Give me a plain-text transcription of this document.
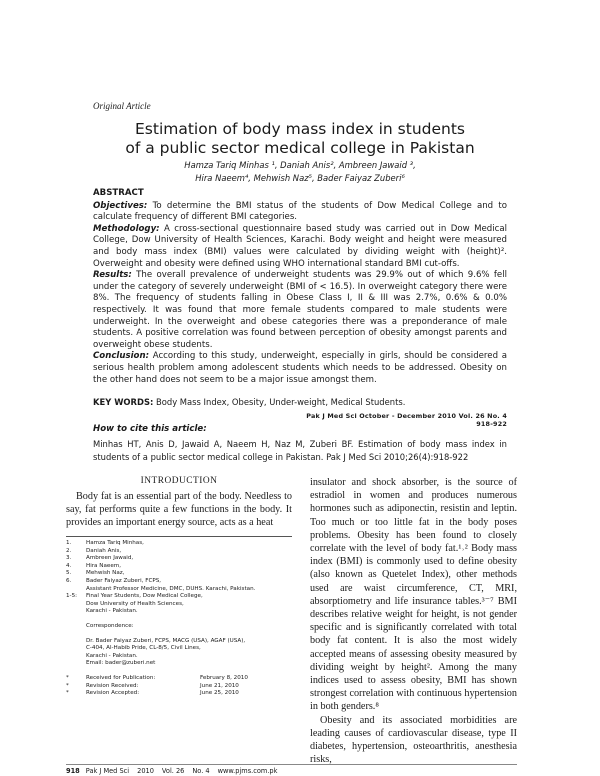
Original Article
Estimation of body mass index in students
of a public sector medical college in Pakistan
Hamza Tariq Minhas ¹, Daniah Anis², Ambreen Jawaid ³,
Hira Naeem⁴, Mehwish Naz⁵, Bader Faiyaz Zuberi⁶
ABSTRACT

Objectives: To determine the BMI status of the students of Dow Medical College and to calculate frequency of different BMI categories.

Methodology: A cross-sectional questionnaire based study was carried out in Dow Medical College, Dow University of Health Sciences, Karachi. Body weight and height were measured and body mass index (BMI) values were calculated by dividing weight with (height)². Overweight and obesity were defined using WHO international standard BMI cut-offs.

Results: The overall prevalence of underweight students was 29.9% out of which 9.6% fell under the category of severely underweight (BMI of < 16.5). In overweight category there were 8%. The frequency of students falling in Obese Class I, II & III was 2.7%, 0.6% & 0.0% respectively. It was found that more female students compared to male students were underweight. In the overweight and obese categories there was a preponderance of male students. A positive correlation was found between perception of obesity amongst parents and overweight obese students.

Conclusion: According to this study, underweight, especially in girls, should be considered a serious health problem among adolescent students which needs to be addressed. Obesity on the other hand does not seem to be a major issue amongst them.

KEY WORDS: Body Mass Index, Obesity, Under-weight, Medical Students.
Pak J Med Sci October - December 2010 Vol. 26 No. 4 918-922
How to cite this article:
Minhas HT, Anis D, Jawaid A, Naeem H, Naz M, Zuberi BF. Estimation of body mass index in students of a public sector medical college in Pakistan. Pak J Med Sci 2010;26(4):918-922
INTRODUCTION

Body fat is an essential part of the body. Needless to say, fat performs quite a few functions in the body. It provides an important energy source, acts as a heat

1.	Hamza Tariq Minhas,
2.	Daniah Anis,
3.	Ambreen Jawaid,
4.	Hira Naeem,
5.	Mehwish Naz,
6.	Bader Faiyaz Zuberi, FCPS,
Assistant Professor Medicine, DMC, DUHS. Karachi, Pakistan.
1-5:	Final Year Students, Dow Medical College,
Dow University of Health Sciences,
Karachi - Pakistan.
Correspondence:
Dr. Bader Faiyaz Zuberi, FCPS, MACG (USA), AGAF (USA),
C-404, Al-Habib Pride, CL-8/5, Civil Lines,
Karachi - Pakistan.
Email: bader@zuberi.net
*	Received for Publication:	February 8, 2010
*	Revision Received:	June 21, 2010
*	Revision Accepted:	June 25, 2010

insulator and shock absorber, is the source of estradiol in women and produces numerous hormones such as adiponectin, resistin and leptin. Too much or too little fat in the body poses problems. Obesity has been found to closely correlate with the level of body fat.¹˒² Body mass index (BMI) is commonly used to define obesity (also known as Quetelet Index), other methods used are waist circumference, CT, MRI, absorptiometry and life insurance tables.³⁻⁷ BMI describes relative weight for height, is not gender specific and is significantly correlated with total body fat content. It is also the most widely accepted means of assessing obesity measured by dividing weight by height². Among the many indices used to assess obesity, BMI has shown strongest correlation with continuous hypertension in both genders.⁸

Obesity and its associated morbidities are leading causes of cardiovascular disease, type II diabetes, hypertension, osteoarthritis, anesthesia risks,

918 Pak J Med Sci 2010 Vol. 26 No. 4 www.pjms.com.pk
